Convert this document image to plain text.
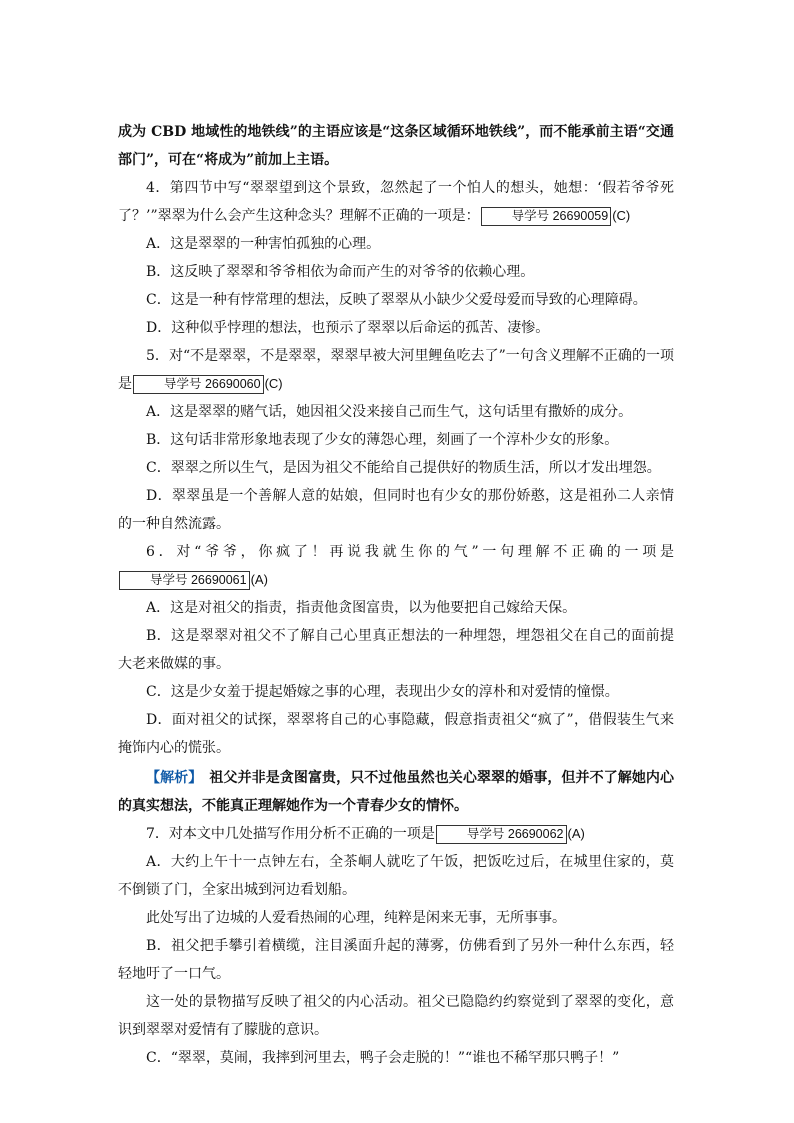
成为 CBD 地域性的地铁线”的主语应该是“这条区域循环地铁线”，而不能承前主语“交通部门”，可在“将成为”前加上主语。

4．第四节中写“翠翠望到这个景致，忽然起了一个怕人的想头，她想：‘假若爷爷死了？’”翠翠为什么会产生这种念头？理解不正确的一项是：	导学号 26690059 (C)

A．这是翠翠的一种害怕孤独的心理。

B．这反映了翠翠和爷爷相依为命而产生的对爷爷的依赖心理。

C．这是一种有悖常理的想法，反映了翠翠从小缺少父爱母爱而导致的心理障碍。

D．这种似乎悖理的想法，也预示了翠翠以后命运的孤苦、凄惨。

5．对“不是翠翠，不是翠翠，翠翠早被大河里鲤鱼吃去了”一句含义理解不正确的一项是	导学号 26690060 (C)

A．这是翠翠的赌气话，她因祖父没来接自己而生气，这句话里有撒娇的成分。

B．这句话非常形象地表现了少女的薄怨心理，刻画了一个淳朴少女的形象。

C．翠翠之所以生气，是因为祖父不能给自己提供好的物质生活，所以才发出埋怨。

D．翠翠虽是一个善解人意的姑娘，但同时也有少女的那份娇憨，这是祖孙二人亲情的一种自然流露。

6．对“爷爷，你疯了！再说我就生你的气”一句理解不正确的一项是导学号 26690061 (A)

A．这是对祖父的指责，指责他贪图富贵，以为他要把自己嫁给天保。

B．这是翠翠对祖父不了解自己心里真正想法的一种埋怨，埋怨祖父在自己的面前提大老来做媒的事。

C．这是少女羞于提起婚嫁之事的心理，表现出少女的淳朴和对爱情的憧憬。

D．面对祖父的试探，翠翠将自己的心事隐藏，假意指责祖父“疯了”，借假装生气来掩饰内心的慌张。

【解析】　祖父并非是贪图富贵，只不过他虽然也关心翠翠的婚事，但并不了解她内心的真实想法，不能真正理解她作为一个青春少女的情怀。

7．对本文中几处描写作用分析不正确的一项是	导学号 26690062 (A)

A．大约上午十一点钟左右，全茶峒人就吃了午饭，把饭吃过后，在城里住家的，莫不倒锁了门，全家出城到河边看划船。

此处写出了边城的人爱看热闹的心理，纯粹是闲来无事，无所事事。

B．祖父把手攀引着横缆，注目溪面升起的薄雾，仿佛看到了另外一种什么东西，轻轻地吁了一口气。

这一处的景物描写反映了祖父的内心活动。祖父已隐隐约约察觉到了翠翠的变化，意识到翠翠对爱情有了朦胧的意识。

C．“翠翠，莫闹，我摔到河里去，鸭子会走脱的！”“谁也不稀罕那只鸭子！”
